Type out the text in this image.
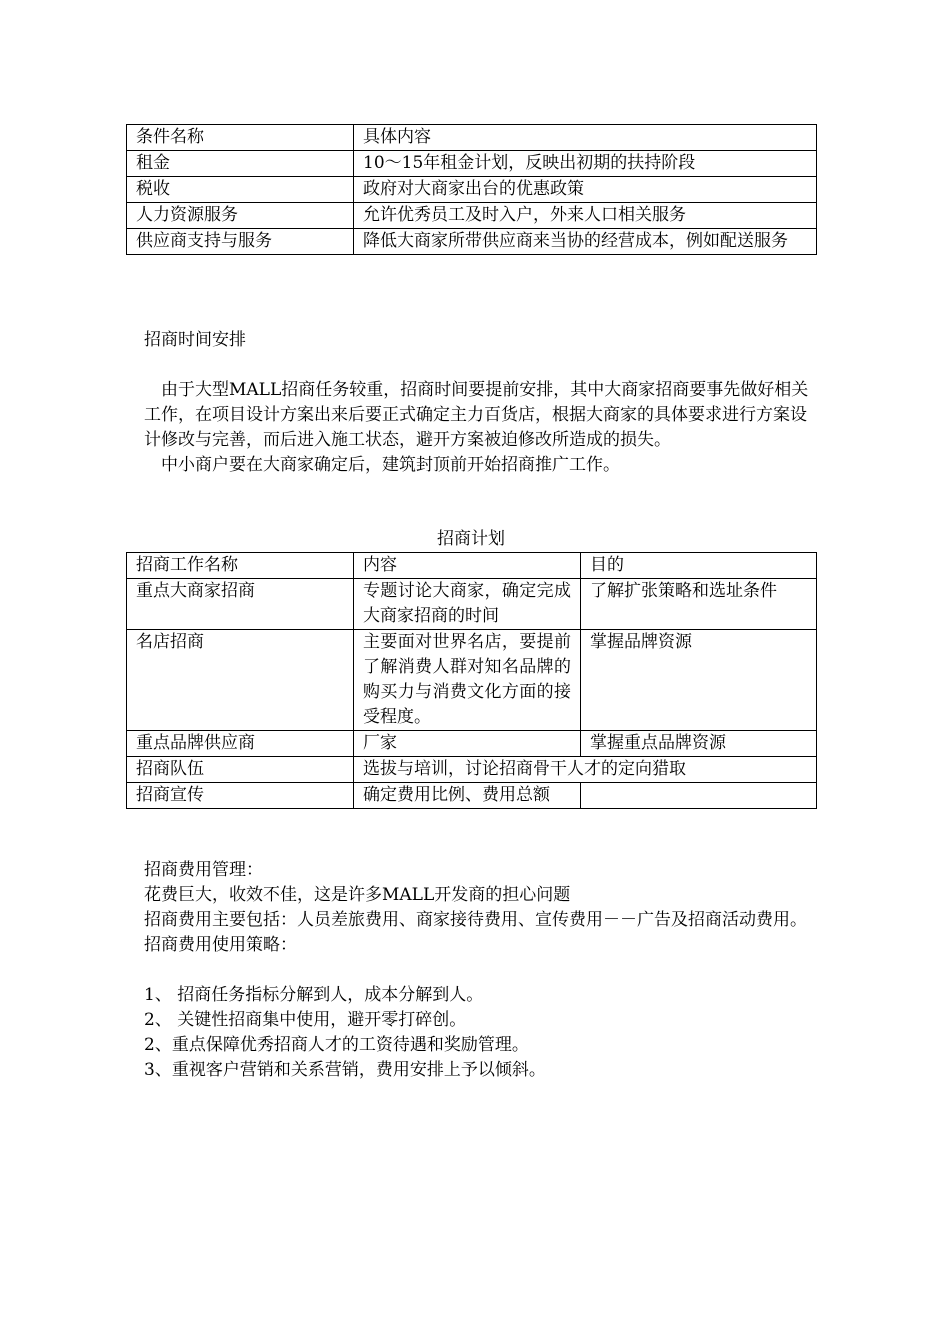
条件名称	具体内容
租金	10～15年租金计划，反映出初期的扶持阶段
税收	政府对大商家出台的优惠政策
人力资源服务	允许优秀员工及时入户，外来人口相关服务
供应商支持与服务	降低大商家所带供应商来当协的经营成本，例如配送服务
招商时间安排

由于大型MALL招商任务较重，招商时间要提前安排，其中大商家招商要事先做好相关工作，在项目设计方案出来后要正式确定主力百货店，根据大商家的具体要求进行方案设计修改与完善，而后进入施工状态，避开方案被迫修改所造成的损失。

中小商户要在大商家确定后，建筑封顶前开始招商推广工作。

招商计划
招商工作名称	内容	目的
重点大商家招商	专题讨论大商家，确定完成大商家招商的时间	了解扩张策略和选址条件
名店招商	主要面对世界名店，要提前了解消费人群对知名品牌的购买力与消费文化方面的接受程度。	掌握品牌资源
重点品牌供应商	厂家	掌握重点品牌资源
招商队伍	选拔与培训，讨论招商骨干人才的定向猎取	
招商宣传	确定费用比例、费用总额	

招商费用管理：

花费巨大，收效不佳，这是许多MALL开发商的担心问题

招商费用主要包括：人员差旅费用、商家接待费用、宣传费用－－广告及招商活动费用。

招商费用使用策略：

1、 招商任务指标分解到人，成本分解到人。

2、 关键性招商集中使用，避开零打碎创。

2、重点保障优秀招商人才的工资待遇和奖励管理。

3、重视客户营销和关系营销，费用安排上予以倾斜。
